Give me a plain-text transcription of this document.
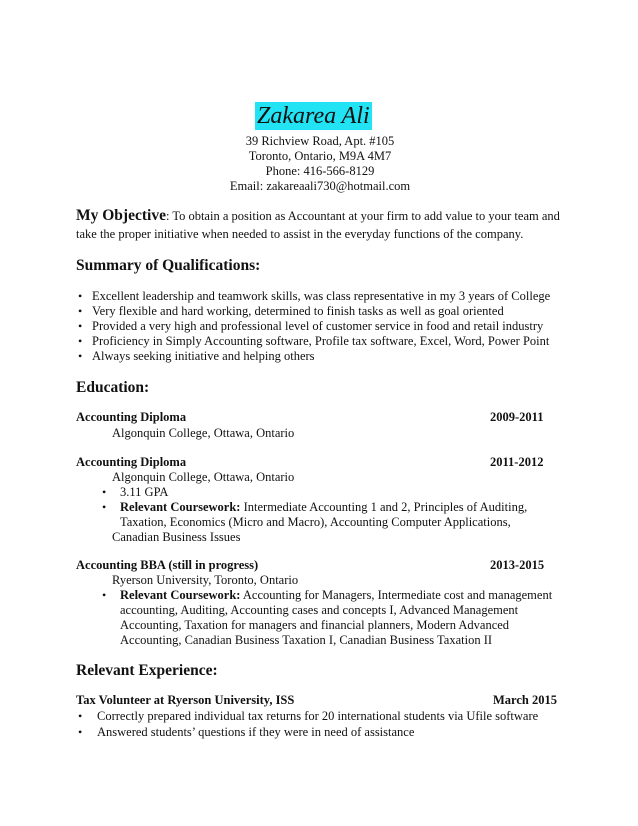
Zakarea Ali
39 Richview Road, Apt. #105
Toronto, Ontario, M9A 4M7
Phone: 416-566-8129
Email: zakareaali730@hotmail.com
My Objective: To obtain a position as Accountant at your firm to add value to your team and
take the proper initiative when needed to assist in the everyday functions of the company.
Summary of Qualifications:
• Excellent leadership and teamwork skills, was class representative in my 3 years of College
• Very flexible and hard working, determined to finish tasks as well as goal oriented
• Provided a very high and professional level of customer service in food and retail industry
• Proficiency in Simply Accounting software, Profile tax software, Excel, Word, Power Point
• Always seeking initiative and helping others
Education:
Accounting Diploma	2009-2011
Algonquin College, Ottawa, Ontario
Accounting Diploma	2011-2012
Algonquin College, Ottawa, Ontario
• 3.11 GPA
• Relevant Coursework: Intermediate Accounting 1 and 2, Principles of Auditing,
Taxation, Economics (Micro and Macro), Accounting Computer Applications,
Canadian Business Issues
Accounting BBA (still in progress)	2013-2015
Ryerson University, Toronto, Ontario
• Relevant Coursework: Accounting for Managers, Intermediate cost and management
accounting, Auditing, Accounting cases and concepts I, Advanced Management
Accounting, Taxation for managers and financial planners, Modern Advanced
Accounting, Canadian Business Taxation I, Canadian Business Taxation II
Relevant Experience:
Tax Volunteer at Ryerson University, ISS	March 2015
• Correctly prepared individual tax returns for 20 international students via Ufile software
• Answered students’ questions if they were in need of assistance
